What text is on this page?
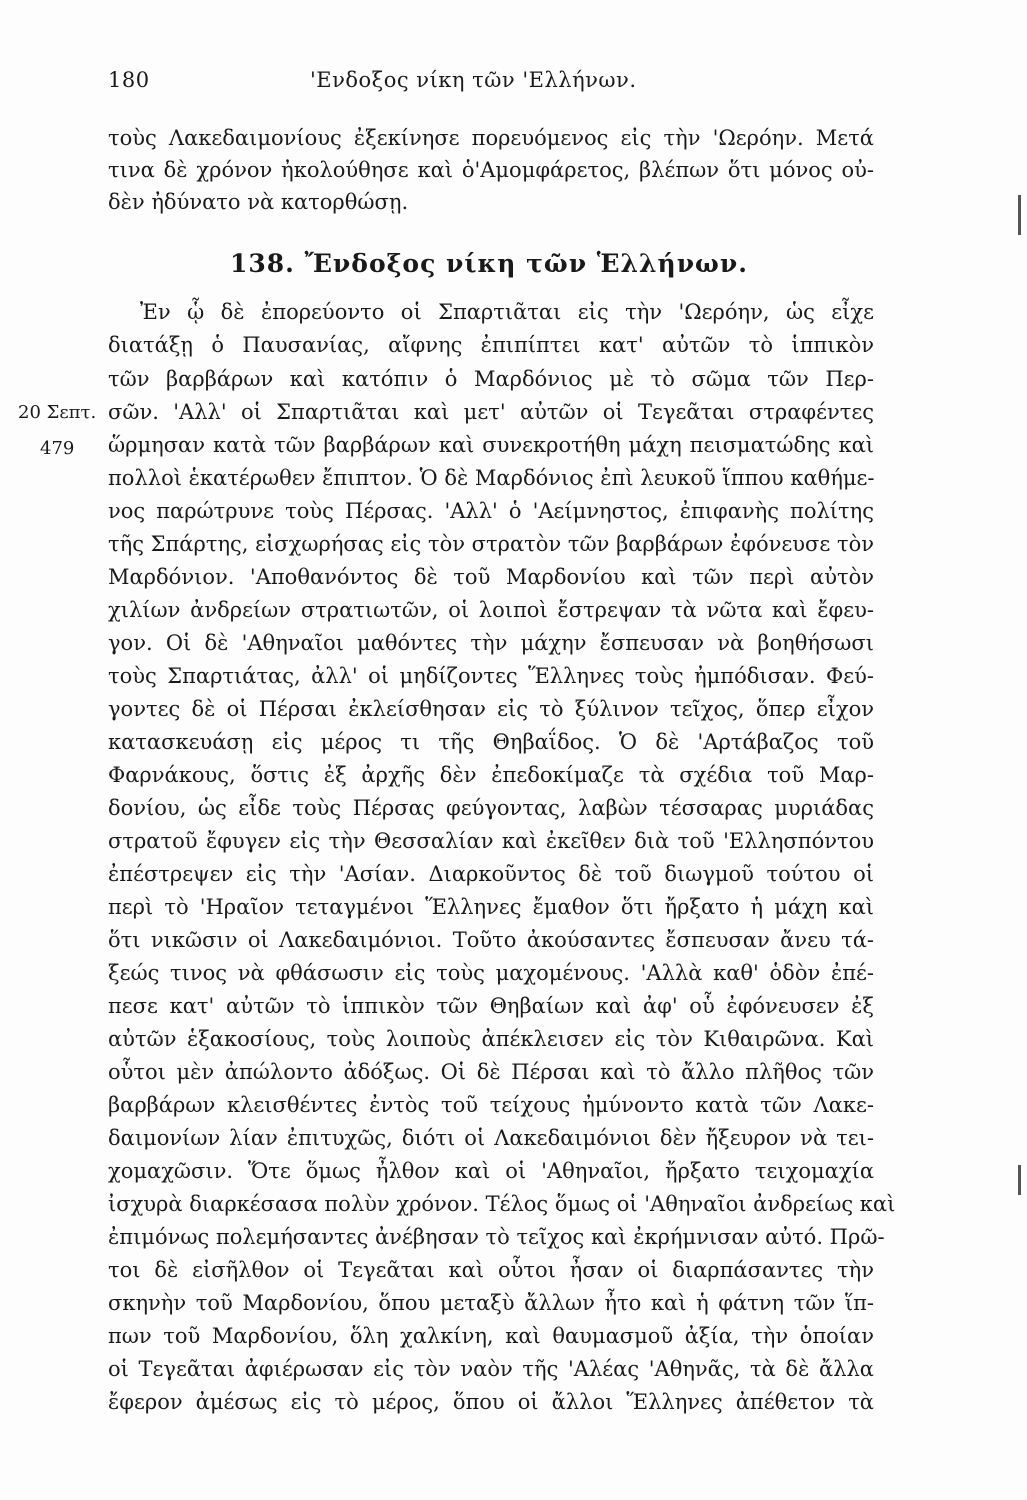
180	'Ενδοξος νίκη τῶν 'Ελλήνων.
τοὺς Λακεδαιμονίους ἐξεκίνησε πορευόμενος εἰς τὴν 'Ωερόην. Μετά
τινα δὲ χρόνον ἠκολούθησε καὶ ὁ'Αμομφάρετος, βλέπων ὅτι μόνος οὐ-
δὲν ἠδύνατο νὰ κατορθώσῃ.
138. Ἔνδοξος νίκη τῶν Ἑλλήνων.
20 Σεπτ.
479
Ἐν ᾧ δὲ ἐπορεύοντο οἱ Σπαρτιᾶται εἰς τὴν 'Ωερόην, ὡς εἶχε
διατάξῃ ὁ Παυσανίας, αἴφνης ἐπιπίπτει κατ' αὐτῶν τὸ ἱππικὸν
τῶν βαρβάρων καὶ κατόπιν ὁ Μαρδόνιος μὲ τὸ σῶμα τῶν Περ-
σῶν. 'Αλλ' οἱ Σπαρτιᾶται καὶ μετ' αὐτῶν οἱ Τεγεᾶται στραφέντες
ὥρμησαν κατὰ τῶν βαρβάρων καὶ συνεκροτήθη μάχη πεισματώδης καὶ
πολλοὶ ἑκατέρωθεν ἔπιπτον. Ὁ δὲ Μαρδόνιος ἐπὶ λευκοῦ ἵππου καθήμε-
νος παρώτρυνε τοὺς Πέρσας. 'Αλλ' ὁ 'Αείμνηστος, ἐπιφανὴς πολίτης
τῆς Σπάρτης, εἰσχωρήσας εἰς τὸν στρατὸν τῶν βαρβάρων ἐφόνευσε τὸν
Μαρδόνιον. 'Αποθανόντος δὲ τοῦ Μαρδονίου καὶ τῶν περὶ αὐτὸν
χιλίων ἀνδρείων στρατιωτῶν, οἱ λοιποὶ ἔστρεψαν τὰ νῶτα καὶ ἔφευ-
γον. Οἱ δὲ 'Αθηναῖοι μαθόντες τὴν μάχην ἔσπευσαν νὰ βοηθήσωσι
τοὺς Σπαρτιάτας, ἀλλ' οἱ μηδίζοντες Ἕλληνες τοὺς ἠμπόδισαν. Φεύ-
γοντες δὲ οἱ Πέρσαι ἐκλείσθησαν εἰς τὸ ξύλινον τεῖχος, ὅπερ εἶχον
κατασκευάσῃ εἰς μέρος τι τῆς Θηβαΐδος. Ὁ δὲ 'Αρτάβαζος τοῦ
Φαρνάκους, ὅστις ἐξ ἀρχῆς δὲν ἐπεδοκίμαζε τὰ σχέδια τοῦ Μαρ-
δονίου, ὡς εἶδε τοὺς Πέρσας φεύγοντας, λαβὼν τέσσαρας μυριάδας
στρατοῦ ἔφυγεν εἰς τὴν Θεσσαλίαν καὶ ἐκεῖθεν διὰ τοῦ 'Ελλησπόντου
ἐπέστρεψεν εἰς τὴν 'Ασίαν. Διαρκοῦντος δὲ τοῦ διωγμοῦ τούτου οἱ
περὶ τὸ 'Ηραῖον τεταγμένοι Ἕλληνες ἔμαθον ὅτι ἤρξατο ἡ μάχη καὶ
ὅτι νικῶσιν οἱ Λακεδαιμόνιοι. Τοῦτο ἀκούσαντες ἔσπευσαν ἄνευ τά-
ξεώς τινος νὰ φθάσωσιν εἰς τοὺς μαχομένους. 'Αλλὰ καθ' ὁδὸν ἐπέ-
πεσε κατ' αὐτῶν τὸ ἱππικὸν τῶν Θηβαίων καὶ ἀφ' οὗ ἐφόνευσεν ἐξ
αὐτῶν ἑξακοσίους, τοὺς λοιποὺς ἀπέκλεισεν εἰς τὸν Κιθαιρῶνα. Καὶ
οὗτοι μὲν ἀπώλοντο ἀδόξως. Οἱ δὲ Πέρσαι καὶ τὸ ἄλλο πλῆθος τῶν
βαρβάρων κλεισθέντες ἐντὸς τοῦ τείχους ἠμύνοντο κατὰ τῶν Λακε-
δαιμονίων λίαν ἐπιτυχῶς, διότι οἱ Λακεδαιμόνιοι δὲν ἤξευρον νὰ τει-
χομαχῶσιν. Ὅτε ὅμως ἦλθον καὶ οἱ 'Αθηναῖοι, ἤρξατο τειχομαχία
ἰσχυρὰ διαρκέσασα πολὺν χρόνον. Τέλος ὅμως οἱ 'Αθηναῖοι ἀνδρείως καὶ
ἐπιμόνως πολεμήσαντες ἀνέβησαν τὸ τεῖχος καὶ ἐκρήμνισαν αὐτό. Πρῶ-
τοι δὲ εἰσῆλθον οἱ Τεγεᾶται καὶ οὗτοι ἦσαν οἱ διαρπάσαντες τὴν
σκηνὴν τοῦ Μαρδονίου, ὅπου μεταξὺ ἄλλων ἦτο καὶ ἡ φάτνη τῶν ἵπ-
πων τοῦ Μαρδονίου, ὅλη χαλκίνη, καὶ θαυμασμοῦ ἀξία, τὴν ὁποίαν
οἱ Τεγεᾶται ἀφιέρωσαν εἰς τὸν ναὸν τῆς 'Αλέας 'Αθηνᾶς, τὰ δὲ ἄλλα
ἔφερον ἀμέσως εἰς τὸ μέρος, ὅπου οἱ ἄλλοι Ἕλληνες ἀπέθετον τὰ
